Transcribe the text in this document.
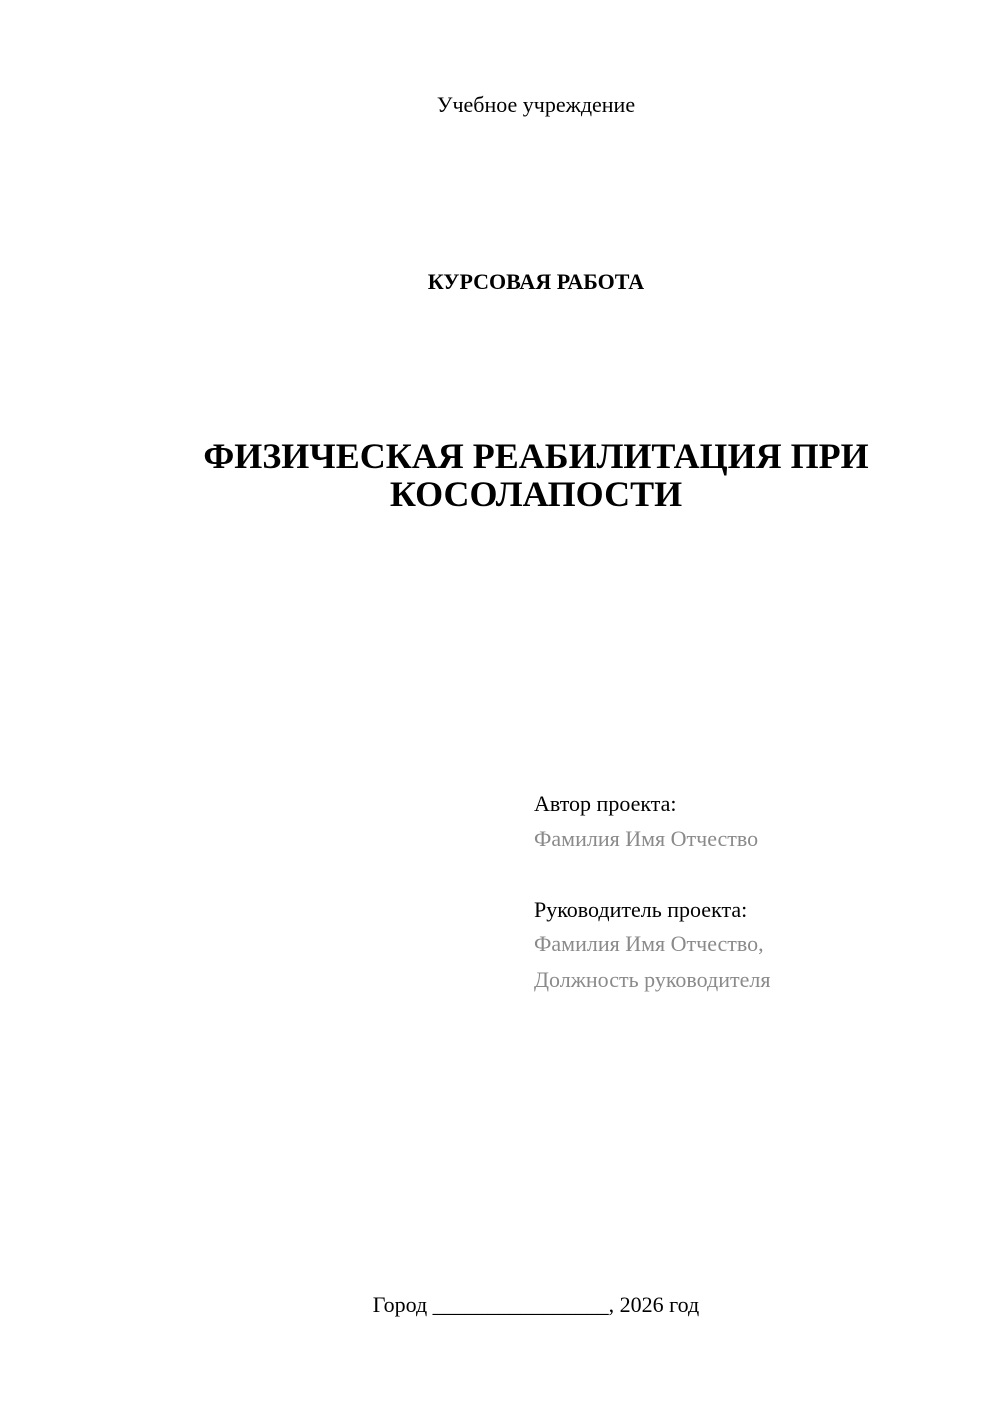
Учебное учреждение
КУРСОВАЯ РАБОТА
ФИЗИЧЕСКАЯ РЕАБИЛИТАЦИЯ ПРИ
КОСОЛАПОСТИ
Автор проекта:
Фамилия Имя Отчество
Руководитель проекта:
Фамилия Имя Отчество,
Должность руководителя
Город ________________, 2026 год
